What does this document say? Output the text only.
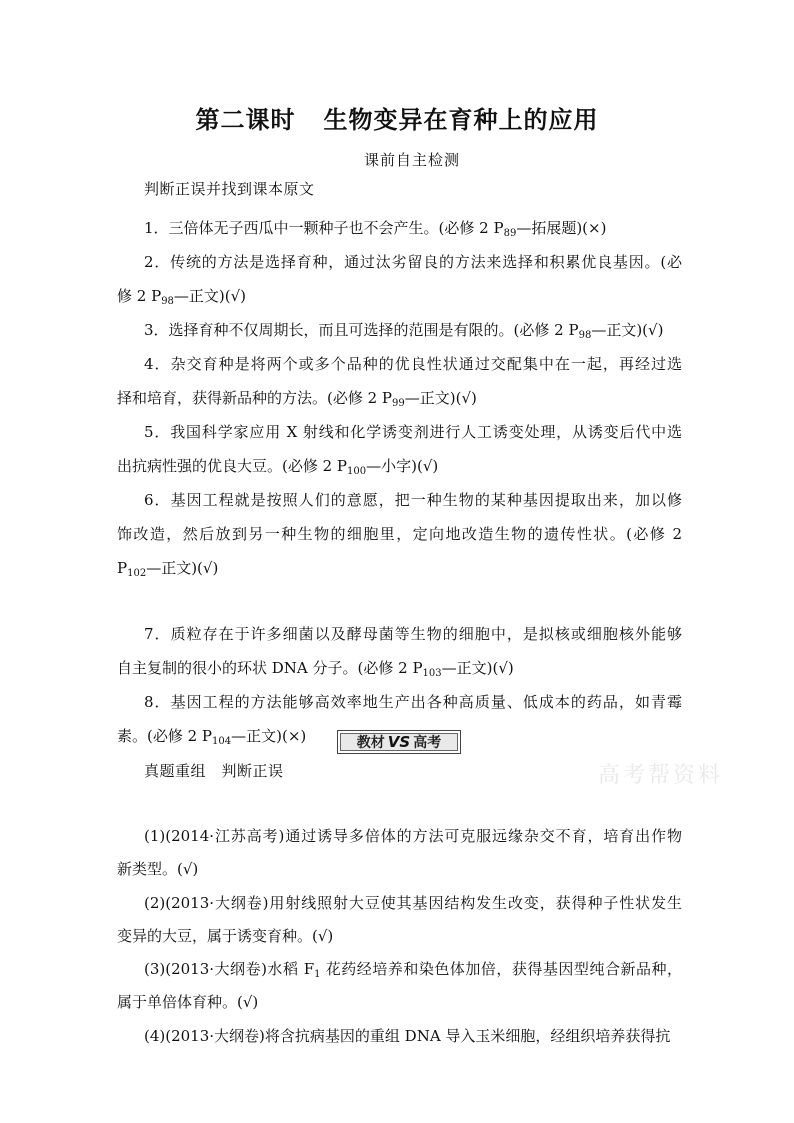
第二课时 生物变异在育种上的应用
课前自主检测
判断正误并找到课本原文
1．三倍体无子西瓜中一颗种子也不会产生。(必修 2 $P_{89}—$拓展题)(×)
2．传统的方法是选择育种，通过汰劣留良的方法来选择和积累优良基因。(必
修 2 $P_{98}—$正文)(√)
3．选择育种不仅周期长，而且可选择的范围是有限的。(必修 2 $P_{98}—$正文)(√)
4．杂交育种是将两个或多个品种的优良性状通过交配集中在一起，再经过选
择和培育，获得新品种的方法。(必修 2 $P_{99}—$正文)(√)
5．我国科学家应用 X 射线和化学诱变剂进行人工诱变处理，从诱变后代中选
出抗病性强的优良大豆。(必修 2 $P_{100}—$小字)(√)
6．基因工程就是按照人们的意愿，把一种生物的某种基因提取出来，加以修
饰改造，然后放到另一种生物的细胞里，定向地改造生物的遗传性状。(必修 2
$P_{102}—$正文)(√)
7．质粒存在于许多细菌以及酵母菌等生物的细胞中，是拟核或细胞核外能够
自主复制的很小的环状 DNA 分子。(必修 2 $P_{103}—$正文)(√)
8．基因工程的方法能够高效率地生产出各种高质量、低成本的药品，如青霉
素。(必修 2 $P_{104}—$正文)(×)	教材 VS 高考
高考帮资料
真题重组　判断正误
(1)(2014·江苏高考)通过诱导多倍体的方法可克服远缘杂交不育，培育出作物
新类型。(√)
(2)(2013·大纲卷)用射线照射大豆使其基因结构发生改变，获得种子性状发生
变异的大豆，属于诱变育种。(√)
(3)(2013·大纲卷)水稻 $F_1$ 花药经培养和染色体加倍，获得基因型纯合新品种，
属于单倍体育种。(√)
(4)(2013·大纲卷)将含抗病基因的重组 DNA 导入玉米细胞，经组织培养获得抗
